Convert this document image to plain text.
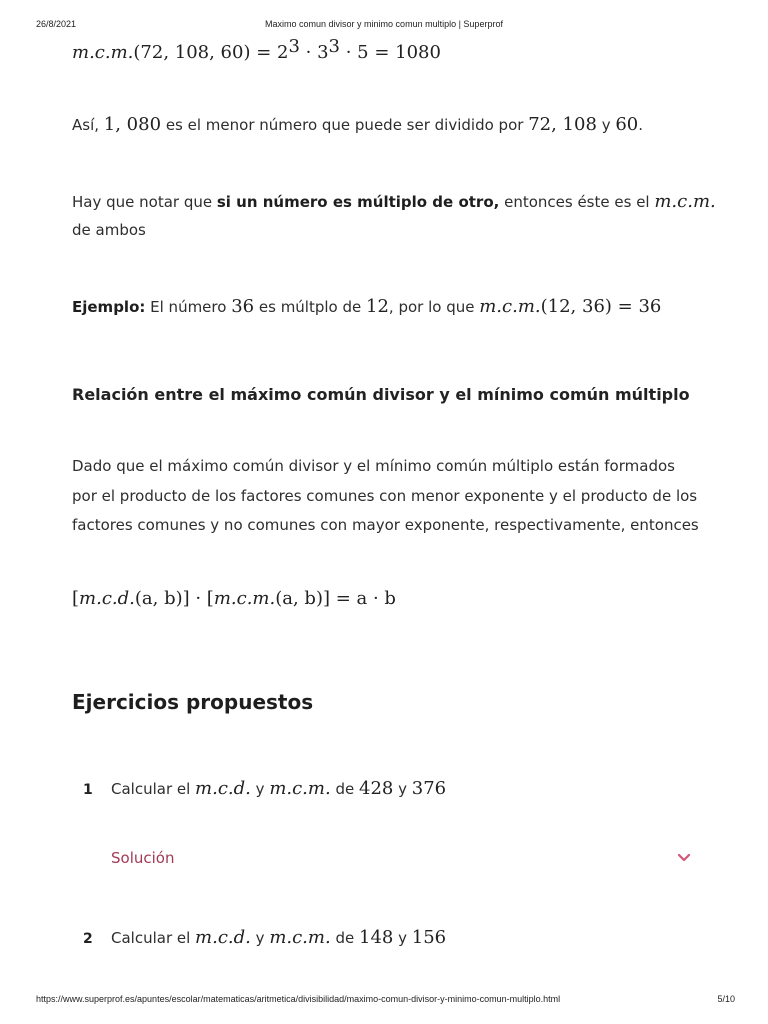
26/8/2021	Maximo comun divisor y minimo comun multiplo | Superprof
m.c.m.(72, 108, $60) = 2^3 \cdot 3^3 \cdot 5 = 1080$
Así, 1, 080 es el menor número que puede ser dividido por 72, 108 y 60.
Hay que notar que si un número es múltiplo de otro, entonces éste es el m.c.m.
de ambos
Ejemplo: El número 36 es múltplo de 12, por lo que m.c.m.(12, 36) = 36
Relación entre el máximo común divisor y el mínimo común múltiplo
Dado que el máximo común divisor y el mínimo común múltiplo están formados por el producto de los factores comunes con menor exponente y el producto de los factores comunes y no comunes con mayor exponente, respectivamente, entonces
[m.c.d.(a, b)] · [m.c.m.(a, b)] = a · b
Ejercicios propuestos
1 Calcular el m.c.d. y m.c.m. de 428 y 376
Solución
2 Calcular el m.c.d. y m.c.m. de 148 y 156
https://www.superprof.es/apuntes/escolar/matematicas/aritmetica/divisibilidad/maximo-comun-divisor-y-minimo-comun-multiplo.html	5/10
